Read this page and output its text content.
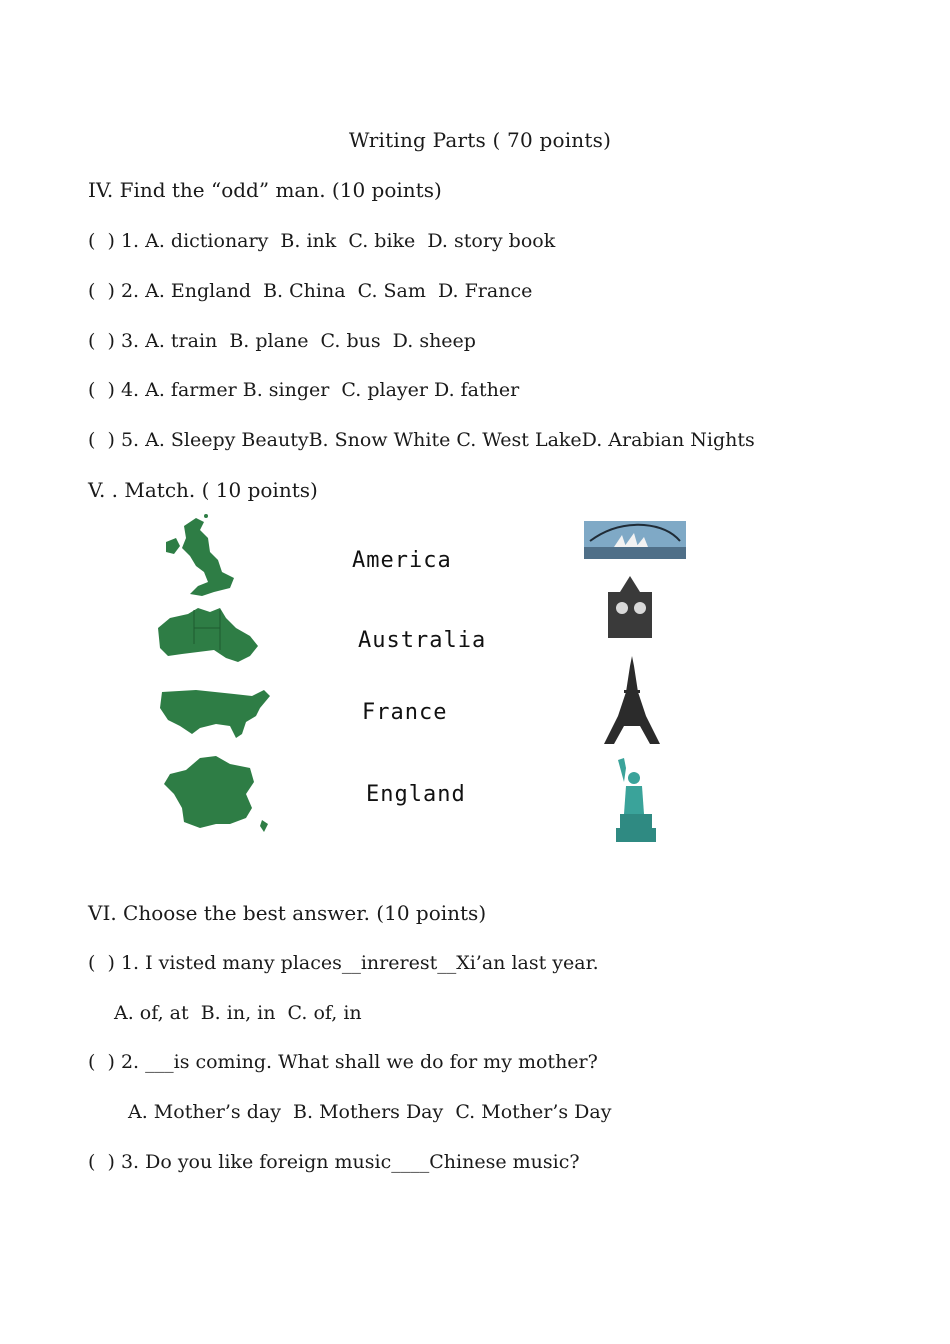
Writing Parts ( 70 points)
IV. Find the “odd” man. (10 points)
(  ) 1. A. dictionary  B. ink  C. bike  D. story book
(  ) 2. A. England  B. China  C. Sam  D. France
(  ) 3. A. train  B. plane  C. bus  D. sheep
(  ) 4. A. farmer B. singer  C. player D. father
(  ) 5. A. Sleepy BeautyB. Snow White C. West LakeD. Arabian Nights
V. . Match. ( 10 points)
America
Australia
France
England
VI. Choose the best answer. (10 points)
(  ) 1. I visted many places__inrerest__Xi’an last year.
A. of, at  B. in, in  C. of, in
(  ) 2. ___is coming. What shall we do for my mother?
A. Mother’s day  B. Mothers Day  C. Mother’s Day
(  ) 3. Do you like foreign music____Chinese music?
